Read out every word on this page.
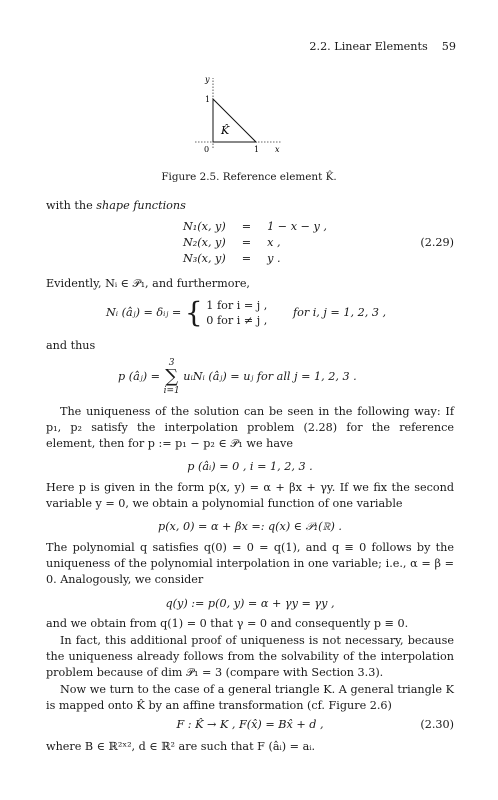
2.2. Linear Elements 59
y
1
0	1 x
K̂
Figure 2.5. Reference element K̂.
with the shape functions
N₁(x, y)	=	1 − x − y ,
N₂(x, y)	=	x ,
N₃(x, y)	=	y .
(2.29)
Evidently, Nᵢ ∈ 𝒫₁, and furthermore,
Nᵢ (âⱼ) = δᵢⱼ = { 1 for i = j ,
0 for i ≠ j , for i, j = 1, 2, 3 ,
and thus
p (âⱼ) = 3
∑
i=1 uᵢNᵢ (âⱼ) = uⱼ for all j = 1, 2, 3 .

The uniqueness of the solution can be seen in the following way: If p₁, p₂ satisfy the interpolation problem (2.28) for the reference element, then for p := p₁ − p₂ ∈ 𝒫₁ we have

p (âᵢ) = 0 , i = 1, 2, 3 .

Here p is given in the form p(x, y) = α + βx + γy. If we fix the second variable y = 0, we obtain a polynomial function of one variable

p(x, 0) = α + βx =: q(x) ∈ 𝒫₁(ℝ) .

The polynomial q satisfies q(0) = 0 = q(1), and q ≡ 0 follows by the uniqueness of the polynomial interpolation in one variable; i.e., α = β = 0. Analogously, we consider

q(y) := p(0, y) = α + γy = γy ,

and we obtain from q(1) = 0 that γ = 0 and consequently p ≡ 0.

In fact, this additional proof of uniqueness is not necessary, because the uniqueness already follows from the solvability of the interpolation problem because of dim 𝒫₁ = 3 (compare with Section 3.3).

Now we turn to the case of a general triangle K. A general triangle K is mapped onto K̂ by an affine transformation (cf. Figure 2.6)

F : K̂ → K , F(x̂) = Bx̂ + d ,	(2.30)

where B ∈ ℝ²ˣ², d ∈ ℝ² are such that F (âᵢ) = aᵢ.
